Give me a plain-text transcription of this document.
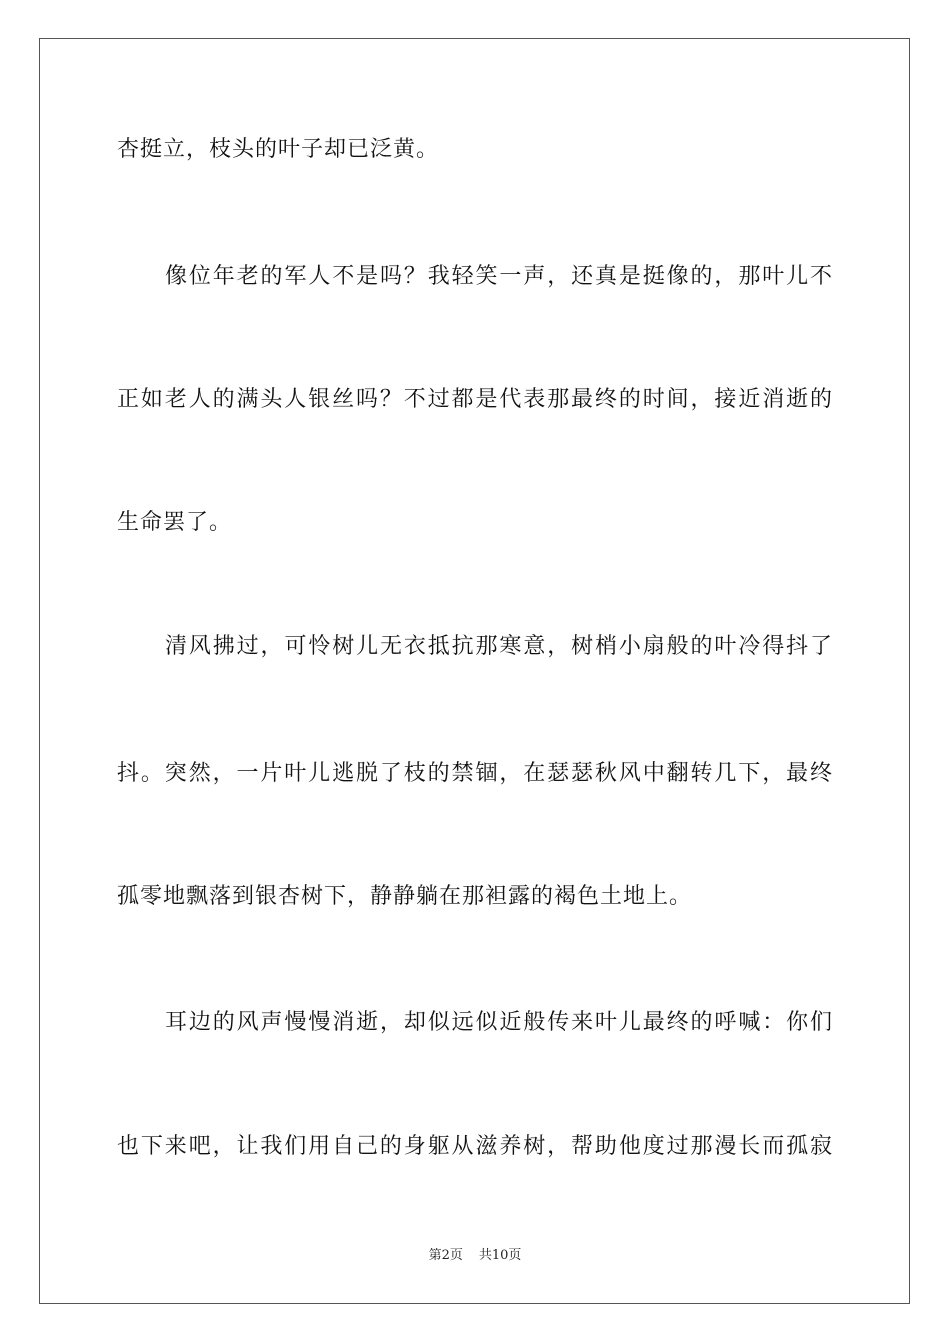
杏挺立，枝头的叶子却已泛黄。
像位年老的军人不是吗？我轻笑一声，还真是挺像的，那叶儿不
正如老人的满头人银丝吗？不过都是代表那最终的时间，接近消逝的
生命罢了。
清风拂过，可怜树儿无衣抵抗那寒意，树梢小扇般的叶冷得抖了
抖。突然，一片叶儿逃脱了枝的禁锢，在瑟瑟秋风中翻转几下，最终
孤零地飘落到银杏树下，静静躺在那袒露的褐色土地上。
耳边的风声慢慢消逝，却似远似近般传来叶儿最终的呼喊：你们
也下来吧，让我们用自己的身躯从滋养树，帮助他度过那漫长而孤寂
第2页 共10页
